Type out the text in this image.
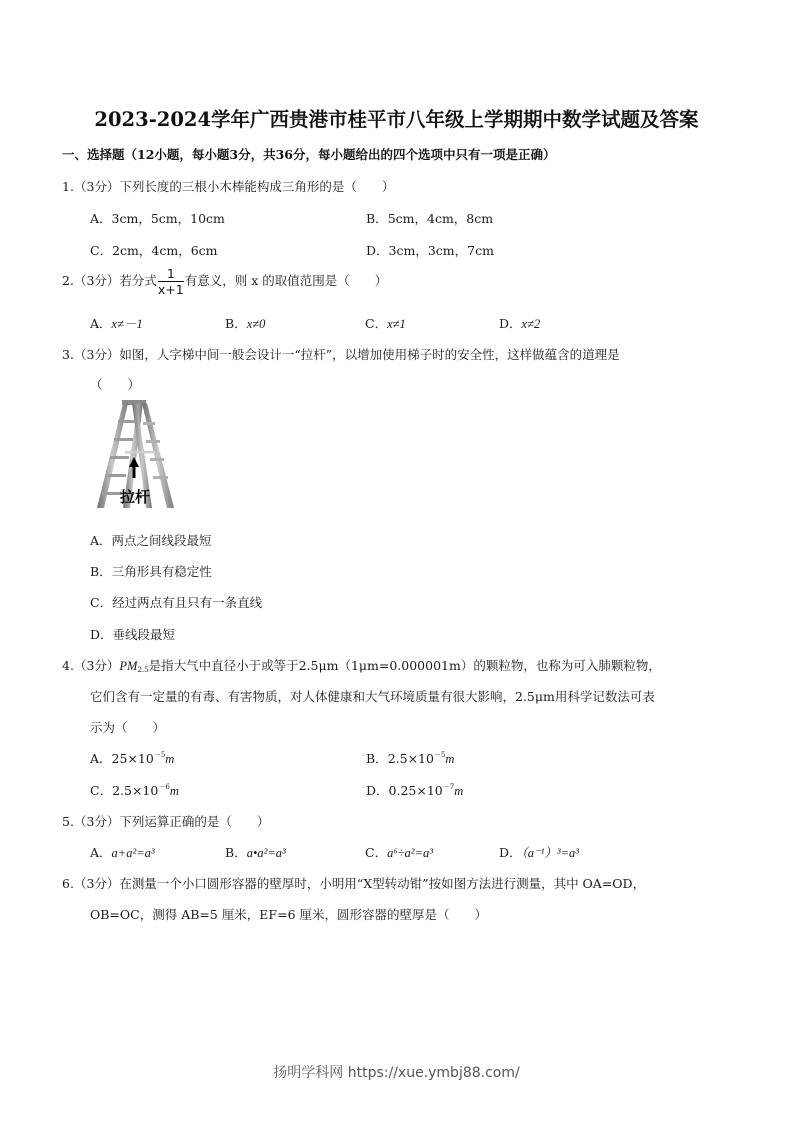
2023-2024学年广西贵港市桂平市八年级上学期期中数学试题及答案
一、选择题（12小题，每小题3分，共36分，每小题给出的四个选项中只有一项是正确）
1.（3分）下列长度的三根小木棒能构成三角形的是（　　）
A．3cm，5cm，10cm	B．5cm，4cm，8cm
C．2cm，4cm，6cm	D．3cm，3cm，7cm
2.（3分）若分式 $\frac{1}{x+1}$ 有意义，则 x 的取值范围是（　　）
A．x≠－1	B．x≠0	C．x≠1	D．x≠2
3.（3分）如图，人字梯中间一般会设计一“拉杆”，以增加使用梯子时的安全性，这样做蕴含的道理是
（　　）
拉杆
A．两点之间线段最短
B．三角形具有稳定性
C．经过两点有且只有一条直线
D．垂线段最短
4.（3分）$PM_{2.5}$是指大气中直径小于或等于2.5μm（1μm=0.000001m）的颗粒物，也称为可入肺颗粒物，
它们含有一定量的有毒、有害物质，对人体健康和大气环境质量有很大影响，2.5μm用科学记数法可表
示为（　　）
A．$25\times 10^{-5}m$	B．$2.5\times 10^{-5}m$
C．$2.5\times 10^{-6}m$	D．$0.25\times 10^{-7}m$
5.（3分）下列运算正确的是（　　）
A．a+a²=a³	B．a•a²=a³	C．a⁶÷a²=a³	D．（a⁻¹）³=a³
6.（3分）在测量一个小口圆形容器的壁厚时，小明用“X型转动钳”按如图方法进行测量，其中 OA=OD，
OB=OC，测得 AB=5 厘米，EF=6 厘米，圆形容器的壁厚是（　　）
扬明学科网 https://xue.ymbj88.com/
